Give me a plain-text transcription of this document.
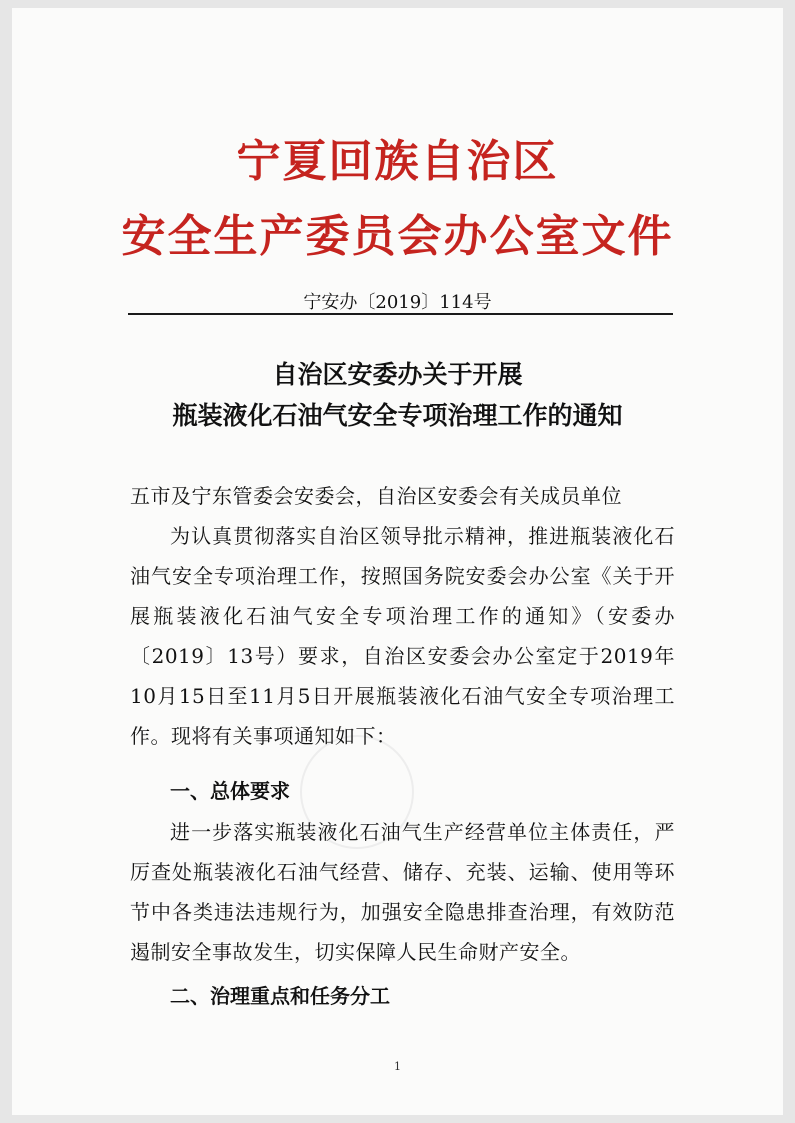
宁夏回族自治区
安全生产委员会办公室文件
宁安办〔2019〕114号
自治区安委办关于开展
瓶装液化石油气安全专项治理工作的通知
五市及宁东管委会安委会，自治区安委会有关成员单位
为认真贯彻落实自治区领导批示精神，推进瓶装液化石油气安全专项治理工作，按照国务院安委会办公室《关于开展瓶装液化石油气安全专项治理工作的通知》（安委办〔2019〕13号）要求，自治区安委会办公室定于2019年10月15日至11月5日开展瓶装液化石油气安全专项治理工作。现将有关事项通知如下：
一、总体要求
进一步落实瓶装液化石油气生产经营单位主体责任，严厉查处瓶装液化石油气经营、储存、充装、运输、使用等环节中各类违法违规行为，加强安全隐患排查治理，有效防范遏制安全事故发生，切实保障人民生命财产安全。
二、治理重点和任务分工
1
